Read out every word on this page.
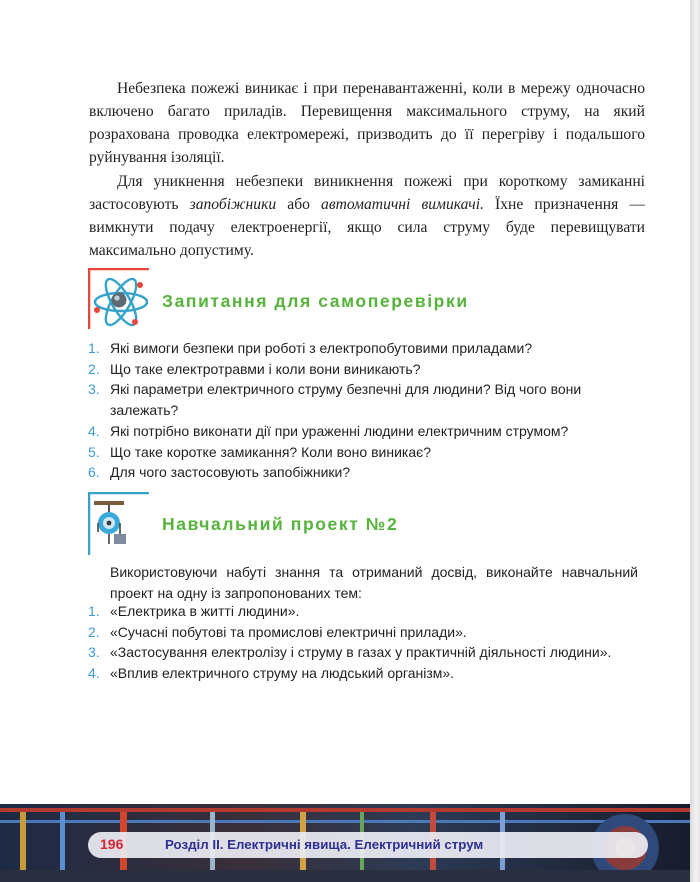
Небезпека пожежі виникає і при перенавантаженні, коли в мережу одночасно включено багато приладів. Перевищення максимального струму, на який розрахована проводка електромережі, призводить до її перегріву і подальшого руйнування ізоляції.

Для уникнення небезпеки виникнення пожежі при короткому замиканні застосовують запобіжники або автоматичні вимикачі. Їхне призначення — вимкнути подачу електроенергії, якщо сила струму буде перевищувати максимально допустиму.

Запитання для самоперевірки
1. Які вимоги безпеки при роботі з електропобутовими приладами?
2. Що таке електротравми і коли вони виникають?
3. Які параметри електричного струму безпечні для людини? Від чого вони залежать?
4. Які потрібно виконати дії при ураженні людини електричним струмом?
5. Що таке коротке замикання? Коли воно виникає?
6. Для чого застосовують запобіжники?
Навчальний проект №2

Використовуючи набуті знання та отриманий досвід, виконайте навчальний проект на одну із запропонованих тем:

1. «Електрика в житті людини».
2. «Сучасні побутові та промислові електричні прилади».
3. «Застосування електролізу і струму в газах у практичній діяльності людини».
4. «Вплив електричного струму на людський організм».
196	Розділ II. Електричні явища. Електричний струм
